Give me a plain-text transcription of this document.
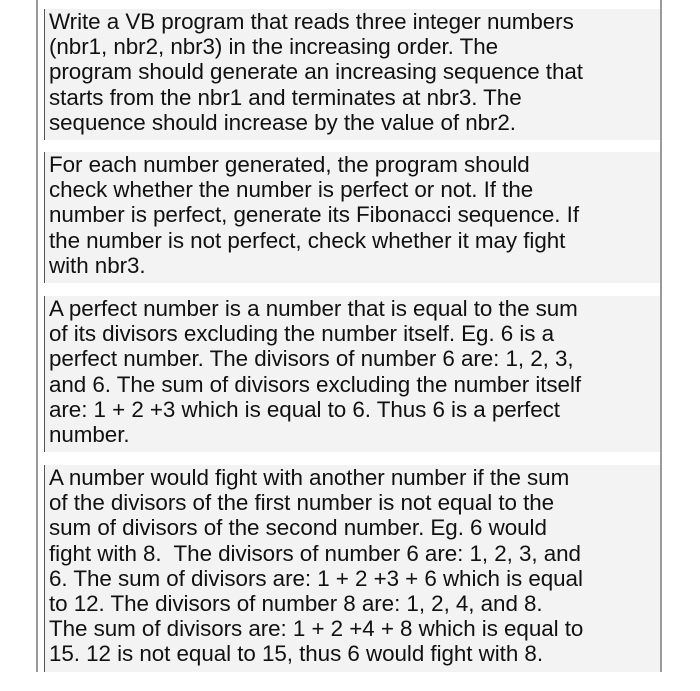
Write a VB program that reads three integer numbers
(nbr1, nbr2, nbr3) in the increasing order. The
program should generate an increasing sequence that
starts from the nbr1 and terminates at nbr3. The
sequence should increase by the value of nbr2.
For each number generated, the program should
check whether the number is perfect or not. If the
number is perfect, generate its Fibonacci sequence. If
the number is not perfect, check whether it may fight
with nbr3.
A perfect number is a number that is equal to the sum
of its divisors excluding the number itself. Eg. 6 is a
perfect number. The divisors of number 6 are: 1, 2, 3,
and 6. The sum of divisors excluding the number itself
are: 1 + 2 +3 which is equal to 6. Thus 6 is a perfect
number.
A number would fight with another number if the sum
of the divisors of the first number is not equal to the
sum of divisors of the second number. Eg. 6 would
fight with 8.  The divisors of number 6 are: 1, 2, 3, and
6. The sum of divisors are: 1 + 2 +3 + 6 which is equal
to 12. The divisors of number 8 are: 1, 2, 4, and 8.
The sum of divisors are: 1 + 2 +4 + 8 which is equal to
15. 12 is not equal to 15, thus 6 would fight with 8.
